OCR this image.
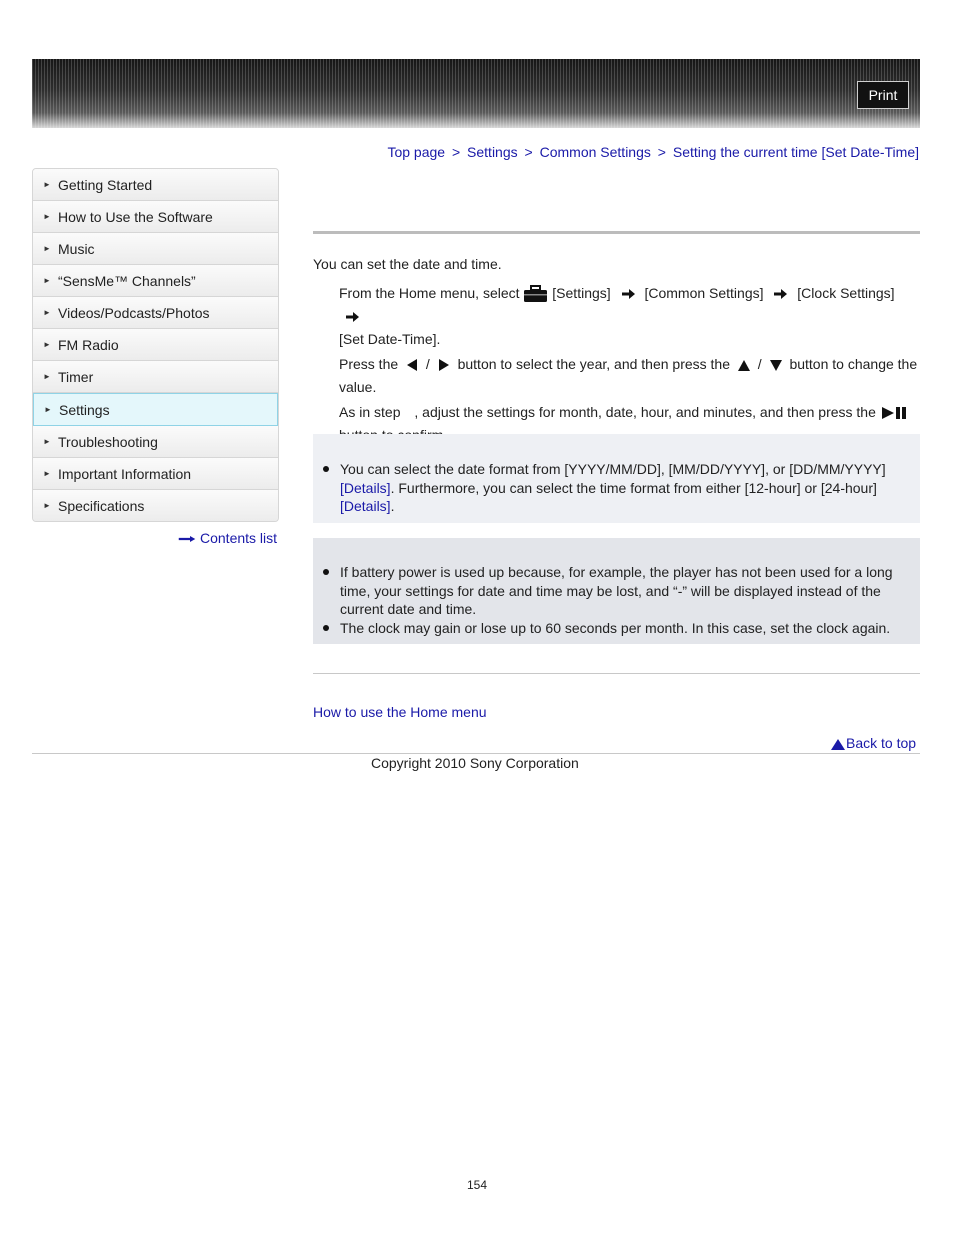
Print
Top page > Settings > Common Settings > Setting the current time [Set Date-Time]
► Getting Started
► How to Use the Software
► Music
► “SensMe™ Channels”
► Videos/Podcasts/Photos
► FM Radio
► Timer
► Settings
► Troubleshooting
► Important Information
► Specifications
Contents list
You can set the date and time.
From the Home menu, select  [Settings] [Common Settings] [Clock Settings]
[Set Date-Time].
Press the / button to select the year, and then press the / button to change the value.
As in step , adjust the settings for month, date, hour, and minutes, and then press the

You can select the date format from [YYYY/MM/DD], [MM/DD/YYYY], or [DD/MM/YYYY] [Details]. Furthermore, you can select the time format from either [12-hour] or [24-hour] [Details].
If battery power is used up because, for example, the player has not been used for a long time, your settings for date and time may be lost, and “-” will be displayed instead of the current date and time.
The clock may gain or lose up to 60 seconds per month. In this case, set the clock again.
How to use the Home menu
Back to top
Copyright 2010 Sony Corporation
154
